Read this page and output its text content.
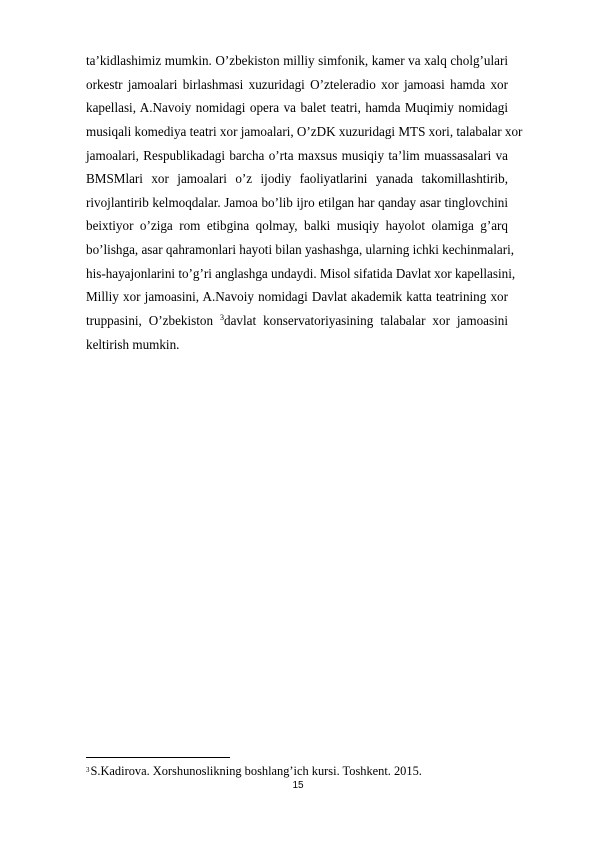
ta’kidlashimiz mumkin. O’zbekiston milliy simfonik, kamer va xalq cholg’ulari
orkestr jamoalari birlashmasi xuzuridagi O’zteleradio xor jamoasi hamda xor
kapellasi, A.Navoiy nomidagi opera va balet teatri, hamda Muqimiy nomidagi
musiqali komediya teatri xor jamoalari, O’zDK xuzuridagi MTS xori, talabalar xor
jamoalari, Respublikadagi barcha o’rta maxsus musiqiy ta’lim muassasalari va
BMSMlari xor jamoalari o’z ijodiy faoliyatlarini yanada takomillashtirib,
rivojlantirib kelmoqdalar. Jamoa bo’lib ijro etilgan har qanday asar tinglovchini
beixtiyor o’ziga rom etibgina qolmay, balki musiqiy hayolot olamiga g’arq
bo’lishga, asar qahramonlari hayoti bilan yashashga, ularning ichki kechinmalari,
his-hayajonlarini to’g’ri anglashga undaydi. Misol sifatida Davlat xor kapellasini,
Milliy xor jamoasini, A.Navoiy nomidagi Davlat akademik katta teatrining xor
truppasini, O’zbekiston $^3$davlat konservatoriyasining talabalar xor jamoasini
keltirish mumkin.
$^3$S.Kadirova. Xorshunoslikning boshlang’ich kursi. Toshkent. 2015.
15
